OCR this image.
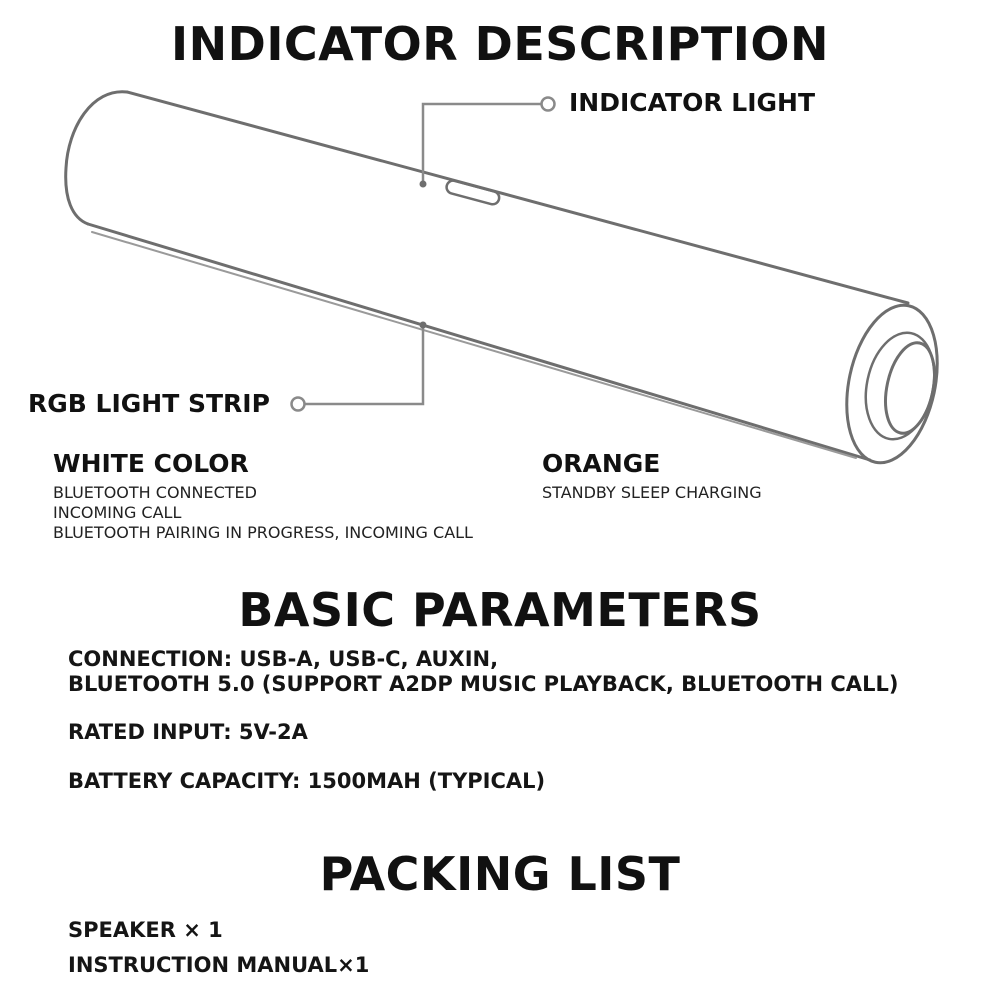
INDICATOR DESCRIPTION
INDICATOR LIGHT
RGB LIGHT STRIP
WHITE COLOR
BLUETOOTH CONNECTED
INCOMING CALL
BLUETOOTH PAIRING IN PROGRESS, INCOMING CALL
ORANGE
STANDBY SLEEP CHARGING
BASIC PARAMETERS
CONNECTION: USB-A, USB-C, AUXIN,
BLUETOOTH 5.0 (SUPPORT A2DP MUSIC PLAYBACK, BLUETOOTH CALL)
RATED INPUT: 5V-2A
BATTERY CAPACITY: 1500MAH (TYPICAL)
PACKING LIST
SPEAKER × 1
INSTRUCTION MANUAL×1
